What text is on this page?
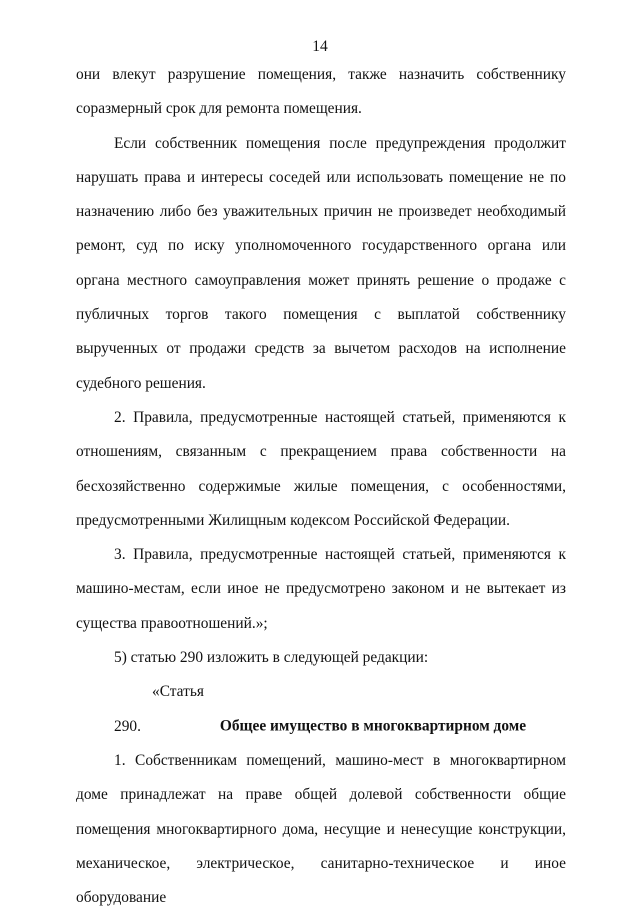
14

они влекут разрушение помещения, также назначить собственнику соразмерный срок для ремонта помещения.

Если собственник помещения после предупреждения продолжит нарушать права и интересы соседей или использовать помещение не по назначению либо без уважительных причин не произведет необходимый ремонт, суд по иску уполномоченного государственного органа или органа местного самоуправления может принять решение о продаже с публичных торгов такого помещения с выплатой собственнику вырученных от продажи средств за вычетом расходов на исполнение судебного решения.

2. Правила, предусмотренные настоящей статьей, применяются к отношениям, связанным с прекращением права собственности на бесхозяйственно содержимые жилые помещения, с особенностями, предусмотренными Жилищным кодексом Российской Федерации.

3. Правила, предусмотренные настоящей статьей, применяются к машино-местам, если иное не предусмотрено законом и не вытекает из существа правоотношений.»;

5) статью 290 изложить в следующей редакции:

«Статья 290.	Общее имущество в многоквартирном доме

1. Собственникам помещений, машино-мест в многоквартирном доме принадлежат на праве общей долевой собственности общие помещения многоквартирного дома, несущие и ненесущие конструкции, механическое, электрическое, санитарно-техническое и иное оборудование
